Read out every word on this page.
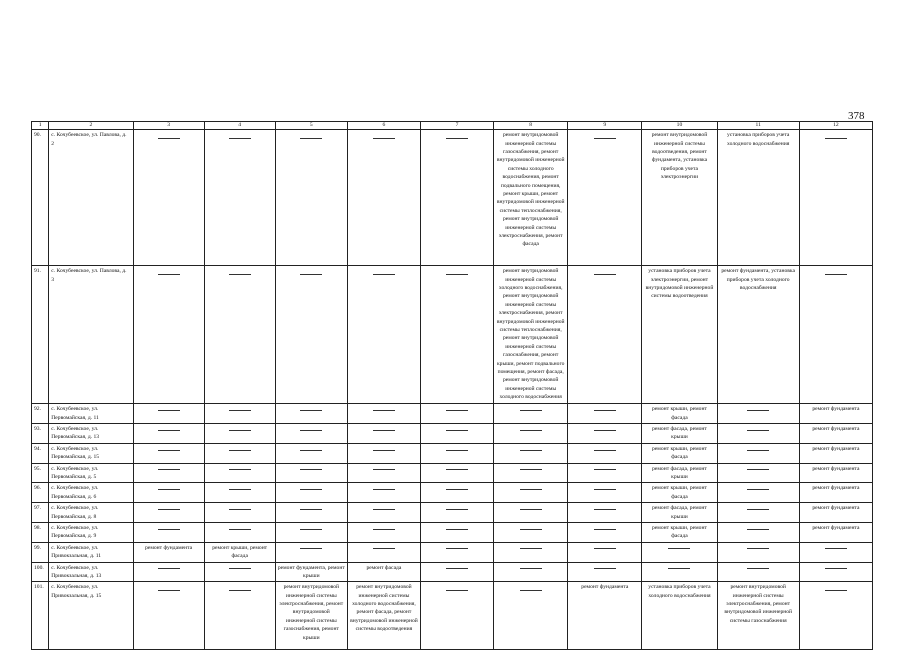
378
1	2	3	4	5	6	7	8	9	10	11	12
90.	с. Кочубеевское, ул. Павлова, д. 2						ремонт внутридомовой инженерной системы газоснабжения, ремонт внутридомовой инженерной системы холодного водоснабжения, ремонт подвального помещения, ремонт крыши, ремонт внутридомовой инженерной системы теплоснабжения, ремонт внутридомовой инженерной системы электроснабжения, ремонт фасада		ремонт внутридомовой инженерной системы водоотведения, ремонт фундамента, установка приборов учета электроэнергии	установка приборов учета холодного водоснабжения	
91.	с. Кочубеевское, ул. Павлова, д. 3						ремонт внутридомовой инженерной системы холодного водоснабжения, ремонт внутридомовой инженерной системы электроснабжения, ремонт внутридомовой инженерной системы теплоснабжения, ремонт внутридомовой инженерной системы газоснабжения, ремонт крыши, ремонт подвального помещения, ремонт фасада, ремонт внутридомовой инженерной системы холодного водоснабжения		установка приборов учета электроэнергии, ремонт внутридомовой инженерной системы водоотведения	ремонт фундамента, установка приборов учета холодного водоснабжения	
92.	с. Кочубеевское, ул. Первомайская, д. 11								ремонт крыши, ремонт фасада		ремонт фундамента
93.	с. Кочубеевское, ул. Первомайская, д. 13								ремонт фасада, ремонт крыши		ремонт фундамента
94.	с. Кочубеевское, ул. Первомайская, д. 15								ремонт крыши, ремонт фасада		ремонт фундамента
95.	с. Кочубеевское, ул. Первомайская, д. 5								ремонт фасада, ремонт крыши		ремонт фундамента
96.	с. Кочубеевское, ул. Первомайская, д. 6								ремонт крыши, ремонт фасада		ремонт фундамента
97.	с. Кочубеевское, ул. Первомайская, д. 8								ремонт фасада, ремонт крыши		ремонт фундамента
98.	с. Кочубеевское, ул. Первомайская, д. 9								ремонт крыши, ремонт фасада		ремонт фундамента
99.	с. Кочубеевское, ул. Привокзальная, д. 11	ремонт фундамента	ремонт крыши, ремонт фасада								
100.	с. Кочубеевское, ул. Привокзальная, д. 13			ремонт фундамента, ремонт крыши	ремонт фасада						
101.	с. Кочубеевское, ул. Привокзальная, д. 15			ремонт внутридомовой инженерной системы электроснабжения, ремонт внутридомовой инженерной системы газоснабжения, ремонт крыши	ремонт внутридомовой инженерной системы холодного водоснабжения, ремонт фасада, ремонт внутридомовой инженерной системы водоотведения			ремонт фундамента	установка приборов учета холодного водоснабжения	ремонт внутридомовой инженерной системы электроснабжения, ремонт внутридомовой инженерной системы газоснабжения	
